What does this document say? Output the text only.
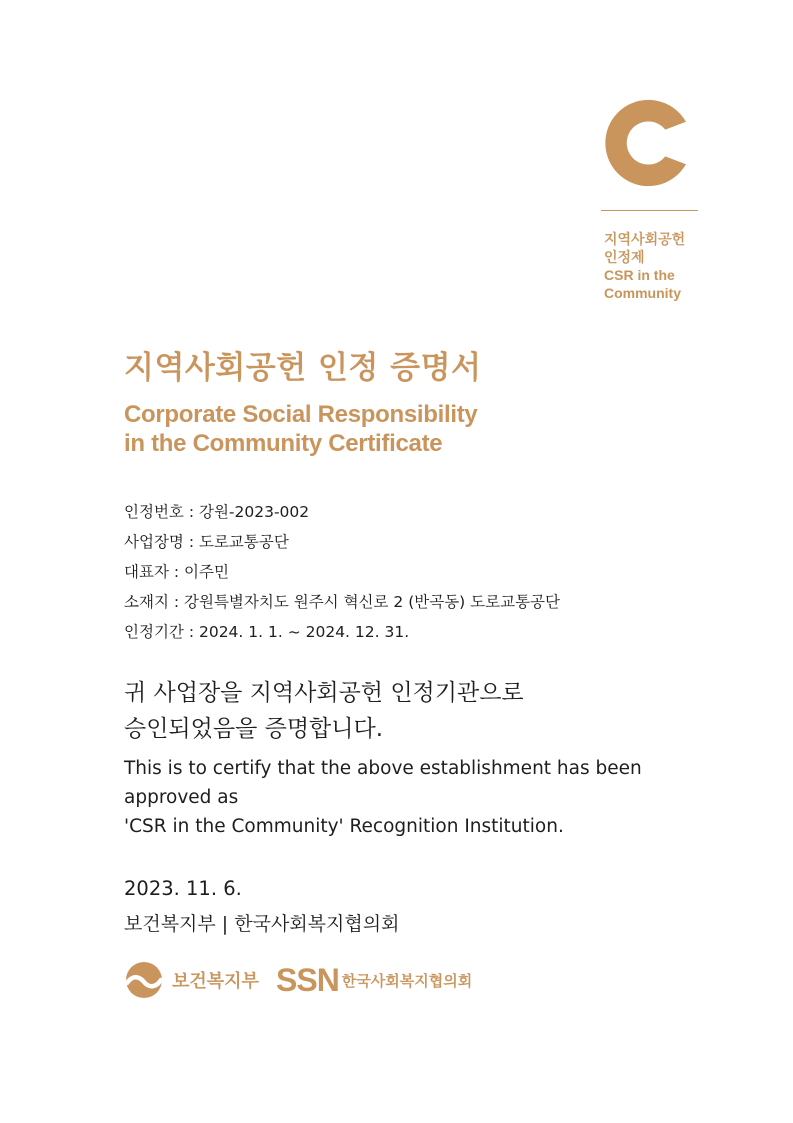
지역사회공헌
인정제
CSR in the
Community
지역사회공헌 인정 증명서
Corporate Social Responsibility
in the Community Certificate
인정번호 : 강원-2023-002
사업장명 : 도로교통공단
대표자 : 이주민
소재지 : 강원특별자치도 원주시 혁신로 2 (반곡동) 도로교통공단
인정기간 : 2024. 1. 1. ~ 2024. 12. 31.
귀 사업장을 지역사회공헌 인정기관으로
승인되었음을 증명합니다.
This is to certify that the above establishment has been
approved as
'CSR in the Community' Recognition Institution.
2023. 11. 6.
보건복지부 | 한국사회복지협의회
보건복지부 SSN 한국사회복지협의회
